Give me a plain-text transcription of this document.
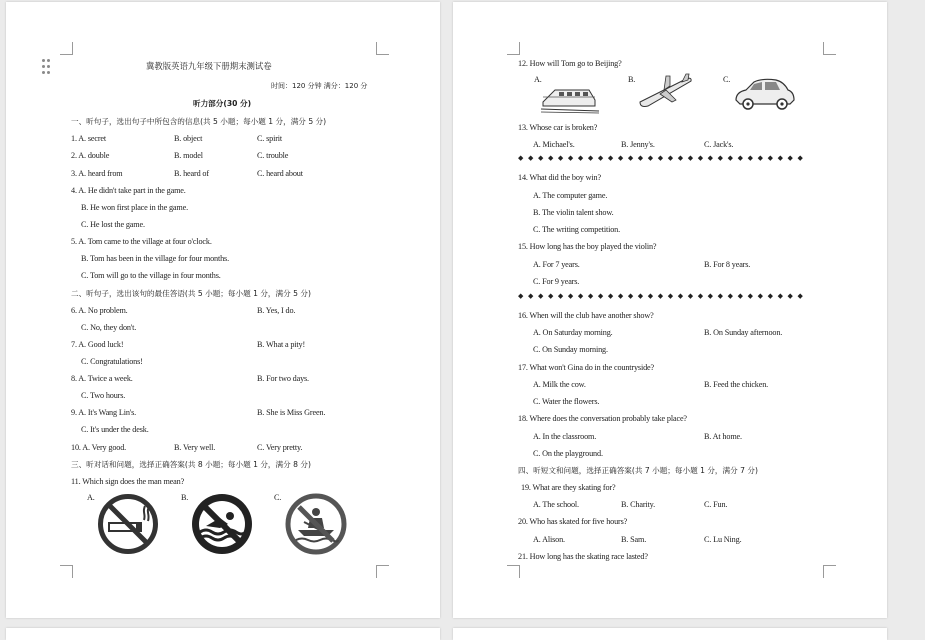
冀教版英语九年级下册期末测试卷
时间：120 分钟 满分：120 分
听力部分(30 分)
一、听句子，选出句子中所包含的信息(共 5 小题；每小题 1 分，满分 5 分)
1. A. secret	B. object	C. spirit
2. A. double	B. model	C. trouble
3. A. heard from	B. heard of	C. heard about
4. A. He didn't take part in the game.
B. He won first place in the game.
C. He lost the game.
5. A. Tom came to the village at four o'clock.
B. Tom has been in the village for four months.
C. Tom will go to the village in four months.
二、听句子，选出该句的最佳答语(共 5 小题；每小题 1 分，满分 5 分)
6. A. No problem.	B. Yes, I do.
C. No, they don't.
7. A. Good luck!	B. What a pity!
C. Congratulations!
8. A. Twice a week.	B. For two days.
C. Two hours.
9. A. It's Wang Lin's.	B. She is Miss Green.
C. It's under the desk.
10. A. Very good.	B. Very well.	C. Very pretty.
三、听对话和问题，选择正确答案(共 8 小题；每小题 1 分，满分 8 分)
11. Which sign does the man mean?
A.	B.	C.
12. How will Tom go to Beijing?
A.	B.	C.
13. Whose car is broken?
A. Michael's.	B. Jenny's.	C. Jack's.
◆◆◆◆◆◆◆◆◆◆◆◆◆◆◆◆◆◆◆◆◆◆◆◆◆◆◆◆◆
14. What did the boy win?
A. The computer game.
B. The violin talent show.
C. The writing competition.
15. How long has the boy played the violin?
A. For 7 years.	B. For 8 years.
C. For 9 years.
◆◆◆◆◆◆◆◆◆◆◆◆◆◆◆◆◆◆◆◆◆◆◆◆◆◆◆◆◆
16. When will the club have another show?
A. On Saturday morning.	B. On Sunday afternoon.
C. On Sunday morning.
17. What won't Gina do in the countryside?
A. Milk the cow.	B. Feed the chicken.
C. Water the flowers.
18. Where does the conversation probably take place?
A. In the classroom.	B. At home.
C. On the playground.
四、听短文和问题，选择正确答案(共 7 小题；每小题 1 分，满分 7 分)
19. What are they skating for?
A. The school.	B. Charity.	C. Fun.
20. Who has skated for five hours?
A. Alison.	B. Sam.	C. Lu Ning.
21. How long has the skating race lasted?
